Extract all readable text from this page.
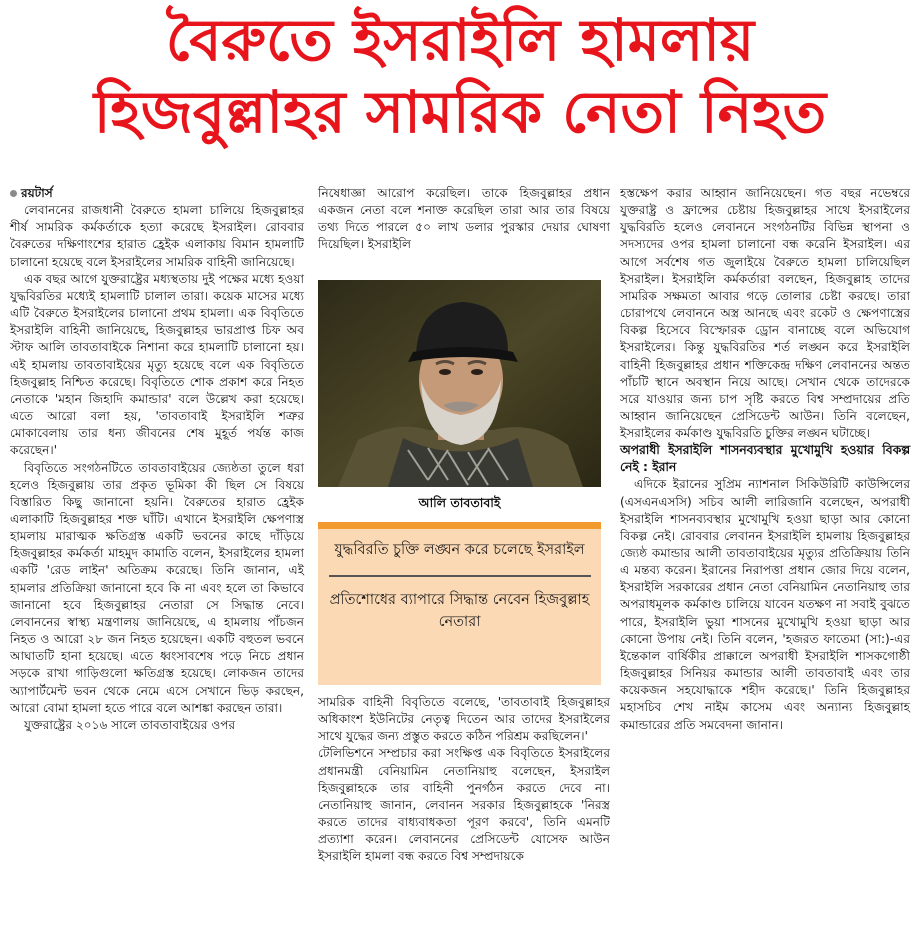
বৈরুতে ইসরাইলি হামলায়
হিজবুল্লাহর সামরিক নেতা নিহত
রয়টার্স

লেবাননের রাজধানী বৈরুতে হামলা চালিয়ে হিজবুল্লাহর শীর্ষ সামরিক কর্মকর্তাকে হত্যা করেছে ইসরাইল। রোববার বৈরুতের দক্ষিণাংশের হারাত হ্রেইক এলাকায় বিমান হামলাটি চালানো হয়েছে বলে ইসরাইলের সামরিক বাহিনী জানিয়েছে।

এক বছর আগে যুক্তরাষ্ট্রের মধ্যস্থতায় দুই পক্ষের মধ্যে হওয়া যুদ্ধবিরতির মধ্যেই হামলাটি চালাল তারা। কয়েক মাসের মধ্যে এটি বৈরুতে ইসরাইলের চালানো প্রথম হামলা। এক বিবৃতিতে ইসরাইলি বাহিনী জানিয়েছে, হিজবুল্লাহর ভারপ্রাপ্ত চিফ অব স্টাফ আলি তাবতাবাইকে নিশানা করে হামলাটি চালানো হয়। এই হামলায় তাবতাবাইয়ের মৃত্যু হয়েছে বলে এক বিবৃতিতে হিজবুল্লাহ নিশ্চিত করেছে। বিবৃতিতে শোক প্রকাশ করে নিহত নেতাকে 'মহান জিহাদি কমান্ডার' বলে উল্লেখ করা হয়েছে। এতে আরো বলা হয়, 'তাবতাবাই ইসরাইলি শত্রুর মোকাবেলায় তার ধন্য জীবনের শেষ মুহূর্ত পর্যন্ত কাজ করেছেন।'

বিবৃতিতে সংগঠনটিতে তাবতাবাইয়ের জ্যেষ্ঠতা তুলে ধরা হলেও হিজবুল্লায় তার প্রকৃত ভূমিকা কী ছিল সে বিষয়ে বিস্তারিত কিছু জানানো হয়নি। বৈরুতের হারাত হ্রেইক এলাকাটি হিজবুল্লাহর শক্ত ঘাঁটি। এখানে ইসরাইলি ক্ষেপণাস্ত্র হামলায় মারাত্মক ক্ষতিগ্রস্ত একটি ভবনের কাছে দাঁড়িয়ে হিজবুল্লাহর কর্মকর্তা মাহমুদ কামাতি বলেন, ইসরাইলের হামলা একটি 'রেড লাইন' অতিক্রম করেছে। তিনি জানান, এই হামলার প্রতিক্রিয়া জানানো হবে কি না এবং হলে তা কিভাবে জানানো হবে হিজবুল্লাহর নেতারা সে সিদ্ধান্ত নেবে। লেবাননের স্বাস্থ্য মন্ত্রণালয় জানিয়েছে, এ হামলায় পাঁচজন নিহত ও আরো ২৮ জন নিহত হয়েছেন। একটি বহুতল ভবনে আঘাতটি হানা হয়েছে। এতে ধ্বংসাবশেষ পড়ে নিচে প্রধান সড়কে রাখা গাড়িগুলো ক্ষতিগ্রস্ত হয়েছে। লোকজন তাদের অ্যাপার্টমেন্ট ভবন থেকে নেমে এসে সেখানে ভিড় করছেন, আরো বোমা হামলা হতে পারে বলে আশঙ্কা করছেন তারা।

যুক্তরাষ্ট্রের ২০১৬ সালে তাবতাবাইয়ের ওপর

নিষেধাজ্ঞা আরোপ করেছিল। তাকে হিজবুল্লাহর প্রধান একজন নেতা বলে শনাক্ত করেছিল তারা আর তার বিষয়ে তথ্য দিতে পারলে ৫০ লাখ ডলার পুরস্কার দেয়ার ঘোষণা দিয়েছিল। ইসরাইলি

আলি তাবতাবাই
যুদ্ধবিরতি চুক্তি লঙ্ঘন করে চলেছে ইসরাইল
প্রতিশোধের ব্যাপারে সিদ্ধান্ত নেবেন হিজবুল্লাহ নেতারা

সামরিক বাহিনী বিবৃতিতে বলেছে, 'তাবতাবাই হিজবুল্লাহর অধিকাংশ ইউনিটের নেতৃত্ব দিতেন আর তাদের ইসরাইলের সাথে যুদ্ধের জন্য প্রস্তুত করতে কঠিন পরিশ্রম করছিলেন।'

টেলিভিশনে সম্প্রচার করা সংক্ষিপ্ত এক বিবৃতিতে ইসরাইলের প্রধানমন্ত্রী বেনিয়ামিন নেতানিয়াহু বলেছেন, ইসরাইল হিজবুল্লাহকে তার বাহিনী পুনর্গঠন করতে দেবে না। নেতানিয়াহু জানান, লেবানন সরকার হিজবুল্লাহকে 'নিরস্ত্র করতে তাদের বাধ্যবাধকতা পূরণ করবে', তিনি এমনটি প্রত্যাশা করেন। লেবাননের প্রেসিডেন্ট যোসেফ আউন ইসরাইলি হামলা বন্ধ করতে বিশ্ব সম্প্রদায়কে

হস্তক্ষেপ করার আহ্বান জানিয়েছেন। গত বছর নভেম্বরে যুক্তরাষ্ট্র ও ফ্রান্সের চেষ্টায় হিজবুল্লাহর সাথে ইসরাইলের যুদ্ধবিরতি হলেও লেবাননে সংগঠনটির বিভিন্ন স্থাপনা ও সদস্যদের ওপর হামলা চালানো বন্ধ করেনি ইসরাইল। এর আগে সর্বশেষ গত জুলাইয়ে বৈরুতে হামলা চালিয়েছিল ইসরাইল। ইসরাইলি কর্মকর্তারা বলছেন, হিজবুল্লাহ তাদের সামরিক সক্ষমতা আবার গড়ে তোলার চেষ্টা করছে। তারা চোরাপথে লেবাননে অস্ত্র আনছে এবং রকেট ও ক্ষেপণাস্ত্রের বিকল্প হিসেবে বিস্ফোরক ড্রোন বানাচ্ছে বলে অভিযোগ ইসরাইলের। কিন্তু যুদ্ধবিরতির শর্ত লঙ্ঘন করে ইসরাইলি বাহিনী হিজবুল্লাহর প্রধান শক্তিকেন্দ্র দক্ষিণ লেবাননের অন্তত পাঁচটি স্থানে অবস্থান নিয়ে আছে। সেখান থেকে তাদেরকে সরে যাওয়ার জন্য চাপ সৃষ্টি করতে বিশ্ব সম্প্রদায়ের প্রতি আহ্বান জানিয়েছেন প্রেসিডেন্ট আউন। তিনি বলেছেন, ইসরাইলের কর্মকাণ্ড যুদ্ধবিরতি চুক্তির লঙ্ঘন ঘটাচ্ছে।

অপরাধী ইসরাইলি শাসনব্যবস্থার মুখোমুখি হওয়ার বিকল্প নেই : ইরান

এদিকে ইরানের সুপ্রিম ন্যাশনাল সিকিউরিটি কাউন্সিলের (এসএনএসসি) সচিব আলী লারিজানি বলেছেন, অপরাধী ইসরাইলি শাসনব্যবস্থার মুখোমুখি হওয়া ছাড়া আর কোনো বিকল্প নেই। রোববার লেবানন ইসরাইলি হামলায় হিজবুল্লাহর জ্যেষ্ঠ কমান্ডার আলী তাবতাবাইয়ের মৃত্যুর প্রতিক্রিয়ায় তিনি এ মন্তব্য করেন। ইরানের নিরাপত্তা প্রধান জোর দিয়ে বলেন, ইসরাইলি সরকারের প্রধান নেতা বেনিয়ামিন নেতানিয়াহু তার অপরাধমূলক কর্মকাণ্ড চালিয়ে যাবেন যতক্ষণ না সবাই বুঝতে পারে, ইসরাইলি ভুয়া শাসনের মুখোমুখি হওয়া ছাড়া আর কোনো উপায় নেই। তিনি বলেন, 'হজরত ফাতেমা (সা:)-এর ইন্তেকাল বার্ষিকীর প্রাক্কালে অপরাধী ইসরাইলি শাসকগোষ্ঠী হিজবুল্লাহর সিনিয়র কমান্ডার আলী তাবতাবাই এবং তার কয়েকজন সহযোদ্ধাকে শহীদ করেছে।' তিনি হিজবুল্লাহর মহাসচিব শেখ নাইম কাসেম এবং অন্যান্য হিজবুল্লাহ কমান্ডারের প্রতি সমবেদনা জানান।
